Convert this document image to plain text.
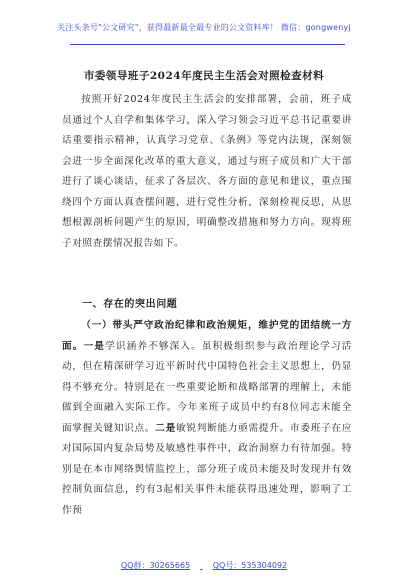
关注头条号"公文研究"，获得最新最全最专业的公文资料库！ 微信：gongwenyj
市委领导班子2024年度民主生活会对照检查材料
按照开好2024年度民主生活会的安排部署，会前，班子成员通过个人自学和集体学习，深入学习领会习近平总书记重要讲话重要指示精神，认真学习党章、《条例》等党内法规，深刻领会进一步全面深化改革的重大意义，通过与班子成员和广大干部进行了谈心谈话，征求了各层次、各方面的意见和建议，重点围绕四个方面认真查摆问题，进行党性分析，深刻检视反思，从思想根源剖析问题产生的原因，明确整改措施和努力方向。现将班子对照查摆情况报告如下。
一、存在的突出问题
（一）带头严守政治纪律和政治规矩，维护党的团结统一方面。一是学识涵养不够深入。虽积极组织参与政治理论学习活动，但在精深研学习近平新时代中国特色社会主义思想上，仍显得不够充分。特别是在一些重要论断和战略部署的理解上，未能做到全面融入实际工作。今年来班子成员中约有8位同志未能全面掌握关键知识点。二是敏锐判断能力亟需提升。市委班子在应对国际国内复杂局势及敏感性事件中，政治洞察力有待加强。特别是在本市网络舆情监控上，部分班子成员未能及时发现并有效控制负面信息，约有3起相关事件未能获得迅速处理，影响了工作预
QQ群：30265665	QQ号：535304092
